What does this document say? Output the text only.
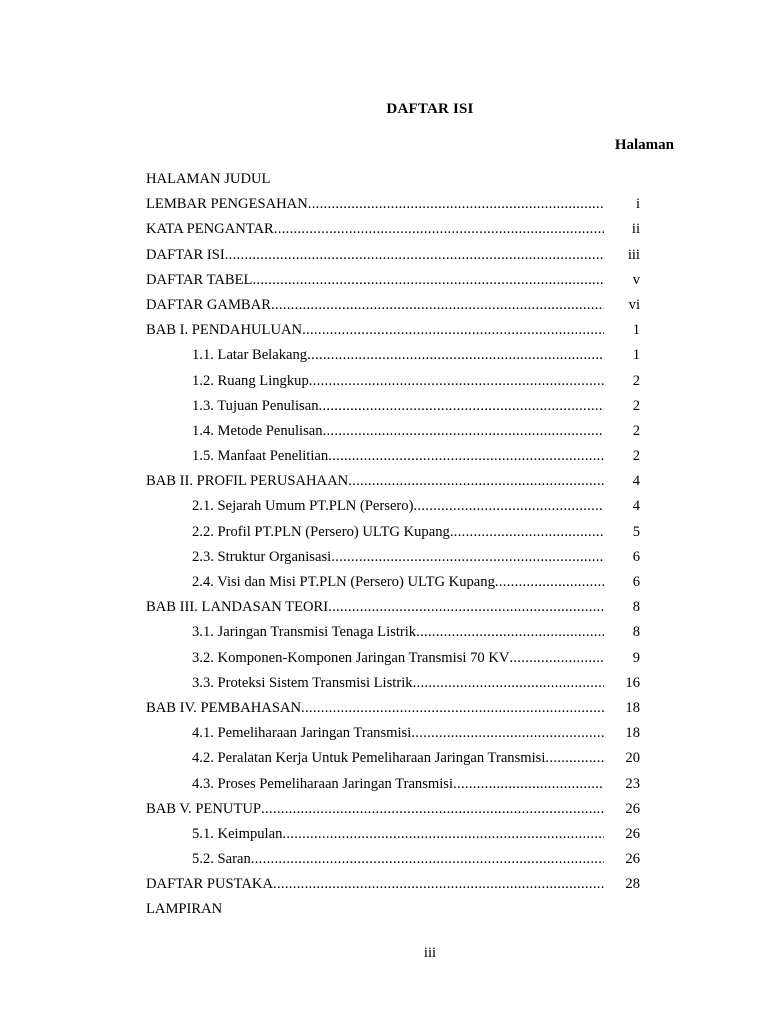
DAFTAR ISI
Halaman
HALAMAN JUDUL
LEMBAR PENGESAHAN .....	i
KATA PENGANTAR .....	ii
DAFTAR ISI .....	iii
DAFTAR TABEL .....	v
DAFTAR GAMBAR .....	vi
BAB I. PENDAHULUAN .....	1
1.1. Latar Belakang .....	1
1.2. Ruang Lingkup .....	2
1.3. Tujuan Penulisan .....	2
1.4. Metode Penulisan .....	2
1.5. Manfaat Penelitian .....	2
BAB II. PROFIL PERUSAHAAN .....	4
2.1. Sejarah Umum PT.PLN (Persero) .....	4
2.2. Profil PT.PLN (Persero) ULTG Kupang .....	5
2.3. Struktur Organisasi .....	6
2.4. Visi dan Misi PT.PLN (Persero) ULTG Kupang .....	6
BAB III. LANDASAN TEORI .....	8
3.1. Jaringan Transmisi Tenaga Listrik .....	8
3.2. Komponen-Komponen Jaringan Transmisi 70 KV .....	9
3.3. Proteksi Sistem Transmisi Listrik .....	16
BAB IV. PEMBAHASAN .....	18
4.1. Pemeliharaan Jaringan Transmisi .....	18
4.2. Peralatan Kerja Untuk Pemeliharaan Jaringan Transmisi .....	20
4.3. Proses Pemeliharaan Jaringan Transmisi .....	23
BAB V. PENUTUP .....	26
5.1. Keimpulan .....	26
5.2. Saran .....	26
DAFTAR PUSTAKA .....	28
LAMPIRAN
iii
